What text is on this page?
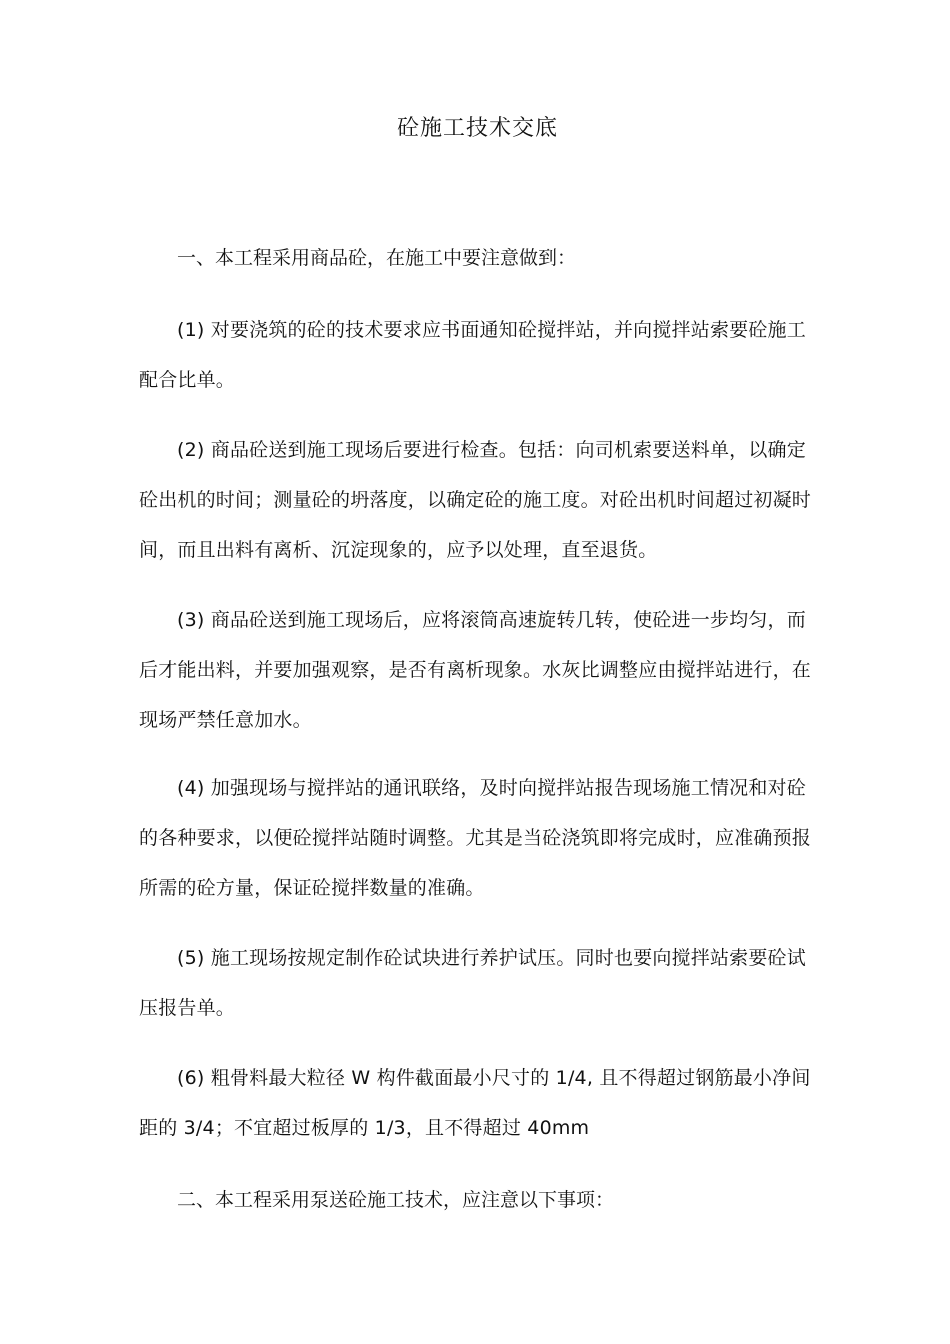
砼施工技术交底
一、本工程采用商品砼，在施工中要注意做到：
(1) 对要浇筑的砼的技术要求应书面通知砼搅拌站，并向搅拌站索要砼施工配合比单。
(2) 商品砼送到施工现场后要进行检查。包括：向司机索要送料单，以确定砼出机的时间；测量砼的坍落度，以确定砼的施工度。对砼出机时间超过初凝时间，而且出料有离析、沉淀现象的，应予以处理，直至退货。
(3) 商品砼送到施工现场后，应将滚筒高速旋转几转，使砼进一步均匀，而后才能出料，并要加强观察，是否有离析现象。水灰比调整应由搅拌站进行，在现场严禁任意加水。
(4) 加强现场与搅拌站的通讯联络，及时向搅拌站报告现场施工情况和对砼的各种要求，以便砼搅拌站随时调整。尤其是当砼浇筑即将完成时，应准确预报所需的砼方量，保证砼搅拌数量的准确。
(5) 施工现场按规定制作砼试块进行养护试压。同时也要向搅拌站索要砼试压报告单。
(6) 粗骨料最大粒径 W 构件截面最小尺寸的 1/4, 且不得超过钢筋最小净间距的 3/4；不宜超过板厚的 1/3，且不得超过 40mm
二、本工程采用泵送砼施工技术，应注意以下事项：
